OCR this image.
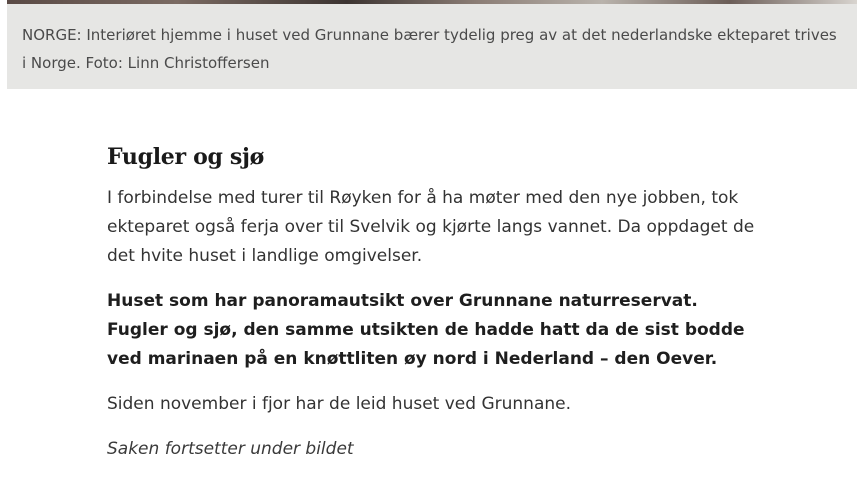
NORGE: Interiøret hjemme i huset ved Grunnane bærer tydelig preg av at det nederlandske ekteparet trives i Norge. Foto: Linn Christoffersen

Fugler og sjø

I forbindelse med turer til Røyken for å ha møter med den nye jobben, tok ekteparet også ferja over til Svelvik og kjørte langs vannet. Da oppdaget de det hvite huset i landlige omgivelser.

Huset som har panoramautsikt over Grunnane naturreservat. Fugler og sjø, den samme utsikten de hadde hatt da de sist bodde ved marinaen på en knøttliten øy nord i Nederland – den Oever.

Siden november i fjor har de leid huset ved Grunnane.

Saken fortsetter under bildet
